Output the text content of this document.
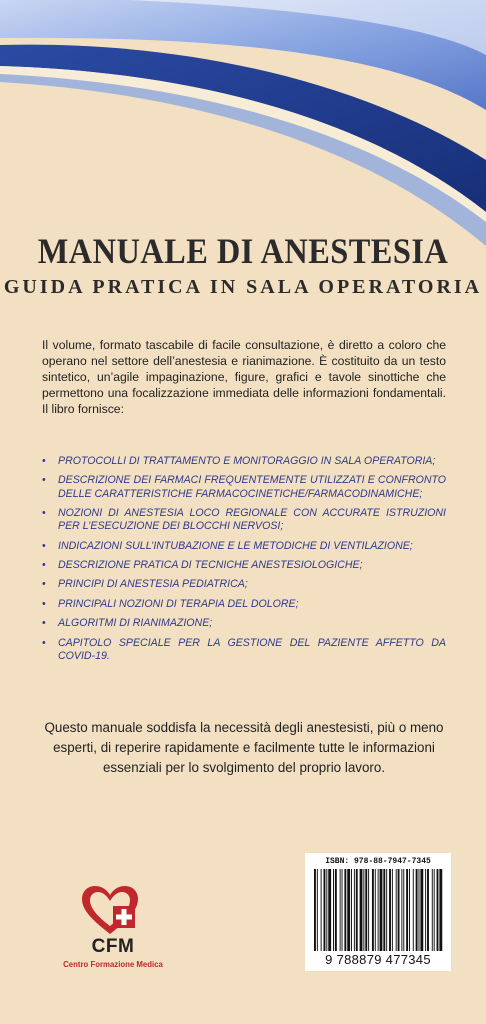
MANUALE DI ANESTESIA
GUIDA PRATICA IN SALA OPERATORIA

Il volume, formato tascabile di facile consultazione, è diretto a coloro che operano nel settore dell’anestesia e rianimazione. È costituito da un testo sintetico, un’agile impaginazione, figure, grafici e tavole sinottiche che permettono una focalizzazione immediata delle informazioni fondamentali. Il libro fornisce:

• PROTOCOLLI DI TRATTAMENTO E MONITORAGGIO IN SALA OPERATORIA;
• DESCRIZIONE DEI FARMACI FREQUENTEMENTE UTILIZZATI E CONFRONTO DELLE CARATTERISTICHE FARMACOCINETICHE/FARMACODINAMICHE;
• NOZIONI DI ANESTESIA LOCO REGIONALE CON ACCURATE ISTRUZIONI PER L’ESECUZIONE DEI BLOCCHI NERVOSI;
• INDICAZIONI SULL’INTUBAZIONE E LE METODICHE DI VENTILAZIONE;
• DESCRIZIONE PRATICA DI TECNICHE ANESTESIOLOGICHE;
• PRINCIPI DI ANESTESIA PEDIATRICA;
• PRINCIPALI NOZIONI DI TERAPIA DEL DOLORE;
• ALGORITMI DI RIANIMAZIONE;
• CAPITOLO SPECIALE PER LA GESTIONE DEL PAZIENTE AFFETTO DA COVID-19.

Questo manuale soddisfa la necessità degli anestesisti, più o meno esperti, di reperire rapidamente e facilmente tutte le informazioni essenziali per lo svolgimento del proprio lavoro.

CFM
Centro Formazione Medica
ISBN: 978-88-7947-7345
9 788879 477345
